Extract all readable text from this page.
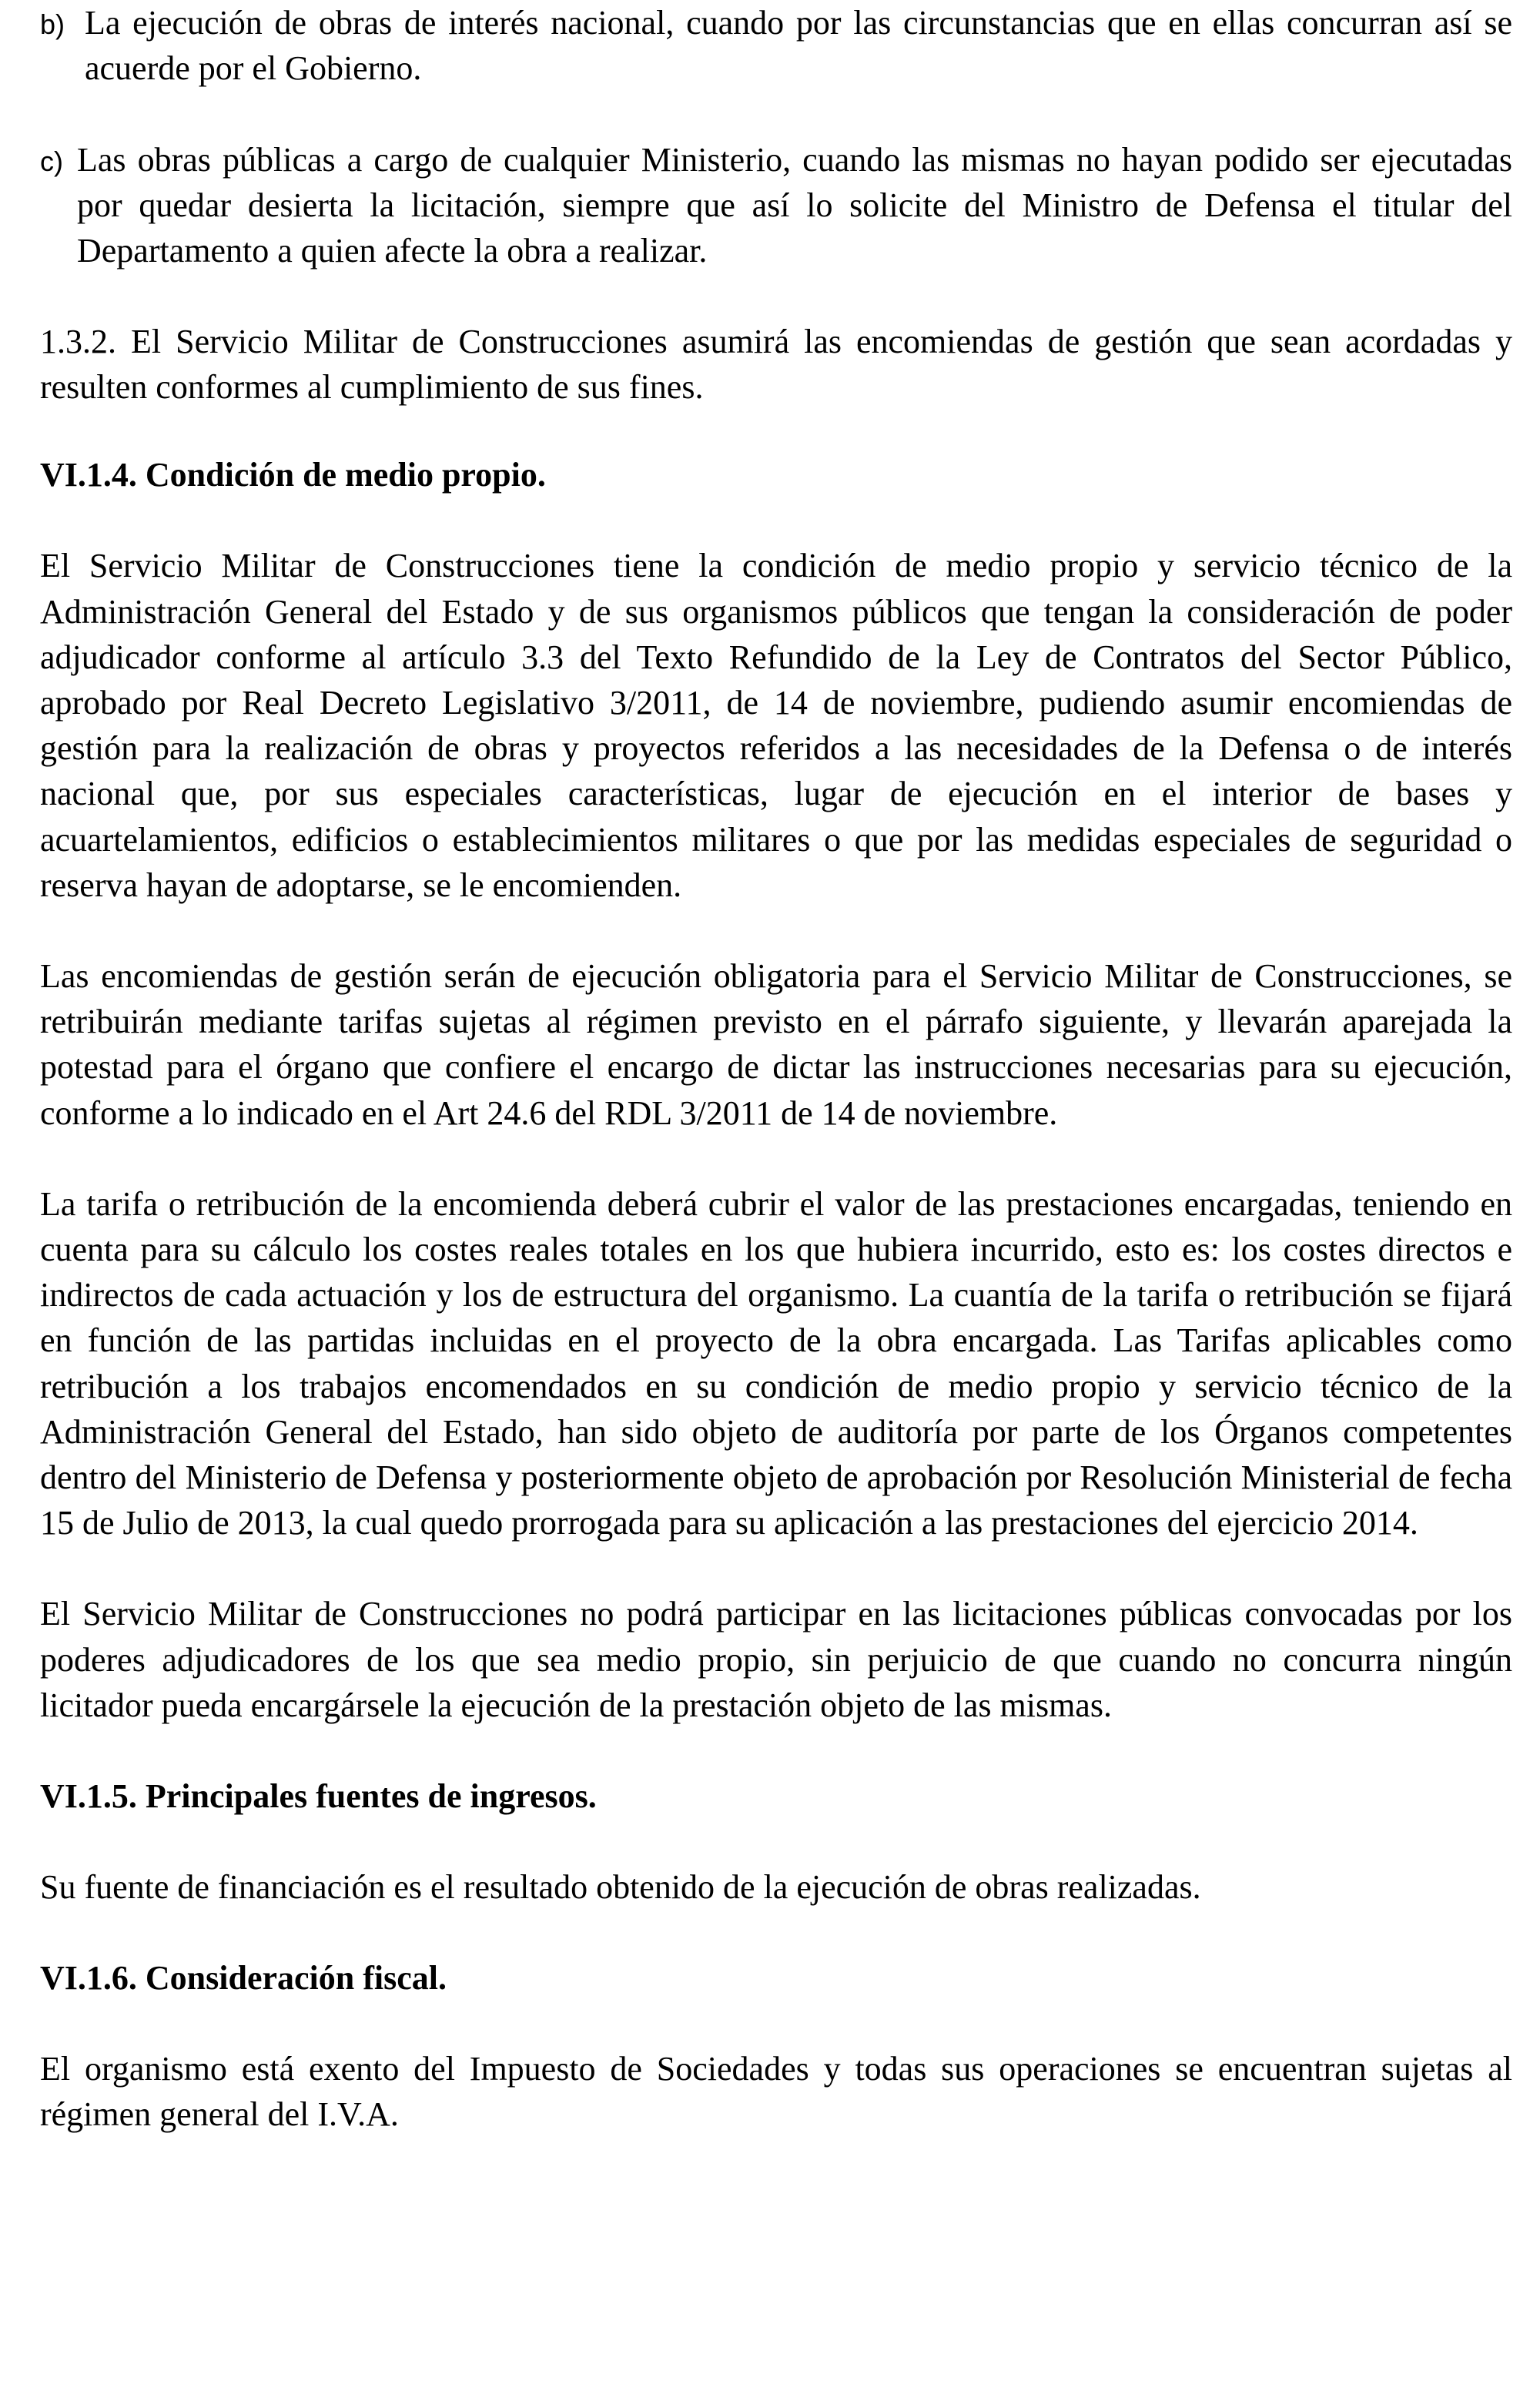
b) La ejecución de obras de interés nacional, cuando por las circunstancias que en ellas concurran así se acuerde por el Gobierno.
c) Las obras públicas a cargo de cualquier Ministerio, cuando las mismas no hayan podido ser ejecutadas por quedar desierta la licitación, siempre que así lo solicite del Ministro de Defensa el titular del Departamento a quien afecte la obra a realizar.

1.3.2. El Servicio Militar de Construcciones asumirá las encomiendas de gestión que sean acordadas y resulten conformes al cumplimiento de sus fines.

VI.1.4. Condición de medio propio.

El Servicio Militar de Construcciones tiene la condición de medio propio y servicio técnico de la Administración General del Estado y de sus organismos públicos que tengan la consideración de poder adjudicador conforme al artículo 3.3 del Texto Refundido de la Ley de Contratos del Sector Público, aprobado por Real Decreto Legislativo 3/2011, de 14 de noviembre, pudiendo asumir encomiendas de gestión para la realización de obras y proyectos referidos a las necesidades de la Defensa o de interés nacional que, por sus especiales características, lugar de ejecución en el interior de bases y acuartelamientos, edificios o establecimientos militares o que por las medidas especiales de seguridad o reserva hayan de adoptarse, se le encomienden.

Las encomiendas de gestión serán de ejecución obligatoria para el Servicio Militar de Construcciones, se retribuirán mediante tarifas sujetas al régimen previsto en el párrafo siguiente, y llevarán aparejada la potestad para el órgano que confiere el encargo de dictar las instrucciones necesarias para su ejecución, conforme a lo indicado en el Art 24.6 del RDL 3/2011 de 14 de noviembre.

La tarifa o retribución de la encomienda deberá cubrir el valor de las prestaciones encargadas, teniendo en cuenta para su cálculo los costes reales totales en los que hubiera incurrido, esto es: los costes directos e indirectos de cada actuación y los de estructura del organismo. La cuantía de la tarifa o retribución se fijará en función de las partidas incluidas en el proyecto de la obra encargada. Las Tarifas aplicables como retribución a los trabajos encomendados en su condición de medio propio y servicio técnico de la Administración General del Estado, han sido objeto de auditoría por parte de los Órganos competentes dentro del Ministerio de Defensa y posteriormente objeto de aprobación por Resolución Ministerial de fecha 15 de Julio de 2013, la cual quedo prorrogada para su aplicación a las prestaciones del ejercicio 2014.

El Servicio Militar de Construcciones no podrá participar en las licitaciones públicas convocadas por los poderes adjudicadores de los que sea medio propio, sin perjuicio de que cuando no concurra ningún licitador pueda encargársele la ejecución de la prestación objeto de las mismas.

VI.1.5. Principales fuentes de ingresos.

Su fuente de financiación es el resultado obtenido de la ejecución de obras realizadas.

VI.1.6. Consideración fiscal.

El organismo está exento del Impuesto de Sociedades y todas sus operaciones se encuentran sujetas al régimen general del I.V.A.
